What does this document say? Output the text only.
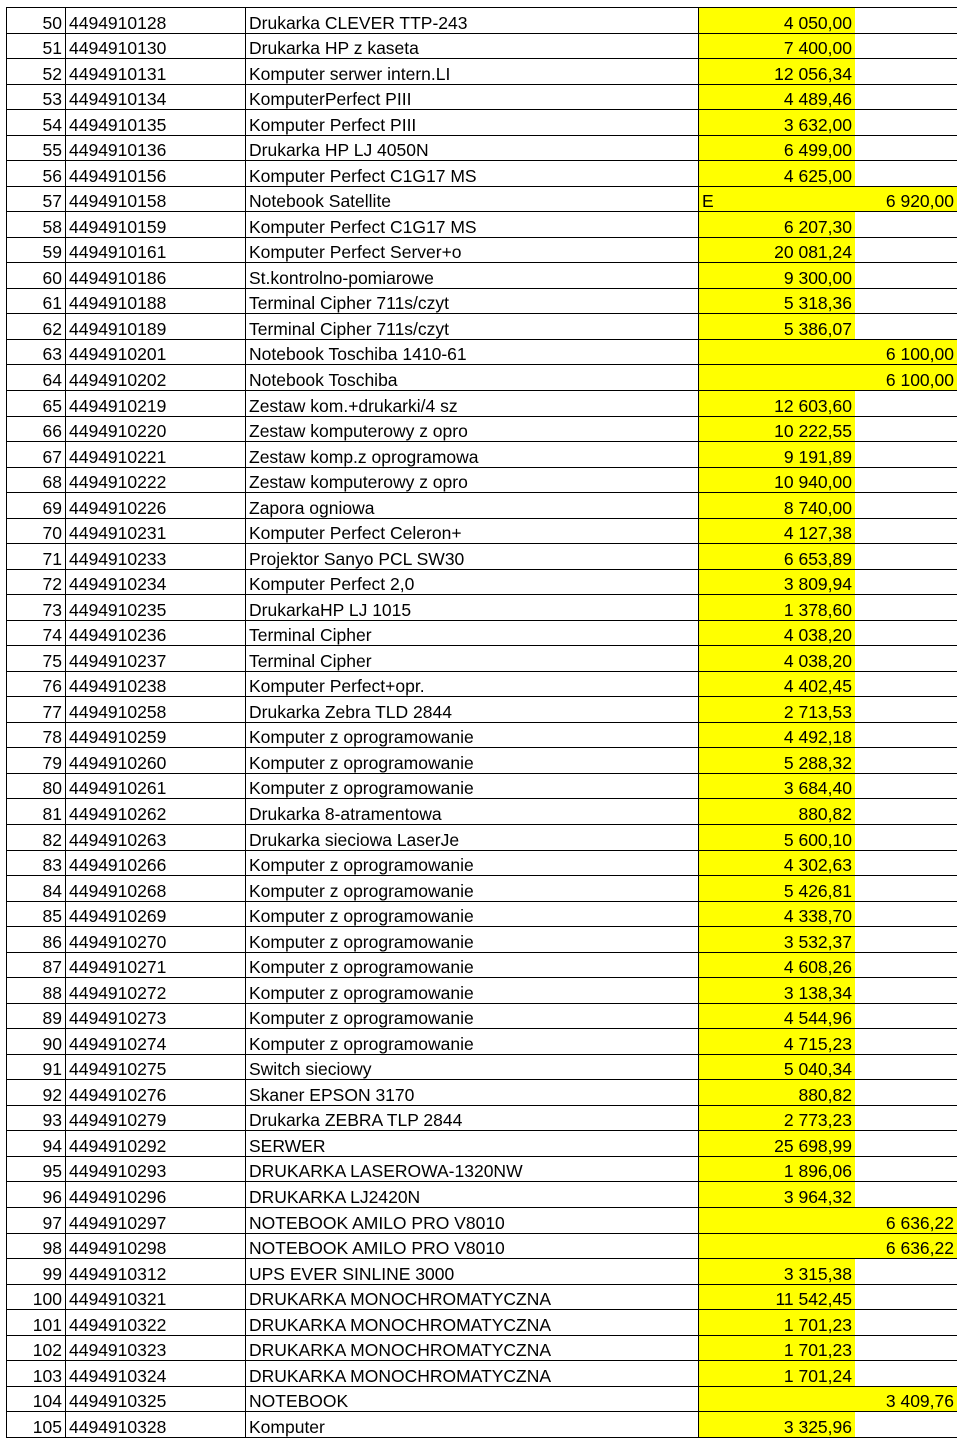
50	4494910128	Drukarka CLEVER TTP-243	4 050,00	
51	4494910130	Drukarka HP z kaseta	7 400,00	
52	4494910131	Komputer serwer intern.LI	12 056,34	
53	4494910134	KomputerPerfect PIII	4 489,46	
54	4494910135	Komputer Perfect PIII	3 632,00	
55	4494910136	Drukarka HP LJ 4050N	6 499,00	
56	4494910156	Komputer Perfect C1G17 MS	4 625,00	
57	4494910158	Notebook Satellite	E	6 920,00
58	4494910159	Komputer Perfect C1G17 MS	6 207,30	
59	4494910161	Komputer Perfect Server+o	20 081,24	
60	4494910186	St.kontrolno-pomiarowe	9 300,00	
61	4494910188	Terminal Cipher 711s/czyt	5 318,36	
62	4494910189	Terminal Cipher 711s/czyt	5 386,07	
63	4494910201	Notebook Toschiba 1410-61		6 100,00
64	4494910202	Notebook Toschiba		6 100,00
65	4494910219	Zestaw kom.+drukarki/4 sz	12 603,60	
66	4494910220	Zestaw komputerowy z opro	10 222,55	
67	4494910221	Zestaw komp.z oprogramowa	9 191,89	
68	4494910222	Zestaw komputerowy z opro	10 940,00	
69	4494910226	Zapora ogniowa	8 740,00	
70	4494910231	Komputer Perfect Celeron+	4 127,38	
71	4494910233	Projektor Sanyo PCL SW30	6 653,89	
72	4494910234	Komputer Perfect 2,0	3 809,94	
73	4494910235	DrukarkaHP LJ 1015	1 378,60	
74	4494910236	Terminal Cipher	4 038,20	
75	4494910237	Terminal Cipher	4 038,20	
76	4494910238	Komputer Perfect+opr.	4 402,45	
77	4494910258	Drukarka Zebra TLD 2844	2 713,53	
78	4494910259	Komputer z oprogramowanie	4 492,18	
79	4494910260	Komputer z oprogramowanie	5 288,32	
80	4494910261	Komputer z oprogramowanie	3 684,40	
81	4494910262	Drukarka 8-atramentowa	880,82	
82	4494910263	Drukarka sieciowa LaserJe	5 600,10	
83	4494910266	Komputer z oprogramowanie	4 302,63	
84	4494910268	Komputer z oprogramowanie	5 426,81	
85	4494910269	Komputer z oprogramowanie	4 338,70	
86	4494910270	Komputer z oprogramowanie	3 532,37	
87	4494910271	Komputer z oprogramowanie	4 608,26	
88	4494910272	Komputer z oprogramowanie	3 138,34	
89	4494910273	Komputer z oprogramowanie	4 544,96	
90	4494910274	Komputer z oprogramowanie	4 715,23	
91	4494910275	Switch sieciowy	5 040,34	
92	4494910276	Skaner EPSON 3170	880,82	
93	4494910279	Drukarka ZEBRA TLP 2844	2 773,23	
94	4494910292	SERWER	25 698,99	
95	4494910293	DRUKARKA LASEROWA-1320NW	1 896,06	
96	4494910296	DRUKARKA LJ2420N	3 964,32	
97	4494910297	NOTEBOOK AMILO PRO V8010		6 636,22
98	4494910298	NOTEBOOK AMILO PRO V8010		6 636,22
99	4494910312	UPS EVER SINLINE 3000	3 315,38	
100	4494910321	DRUKARKA MONOCHROMATYCZNA	11 542,45	
101	4494910322	DRUKARKA MONOCHROMATYCZNA	1 701,23	
102	4494910323	DRUKARKA MONOCHROMATYCZNA	1 701,23	
103	4494910324	DRUKARKA MONOCHROMATYCZNA	1 701,24	
104	4494910325	NOTEBOOK		3 409,76
105	4494910328	Komputer	3 325,96	
